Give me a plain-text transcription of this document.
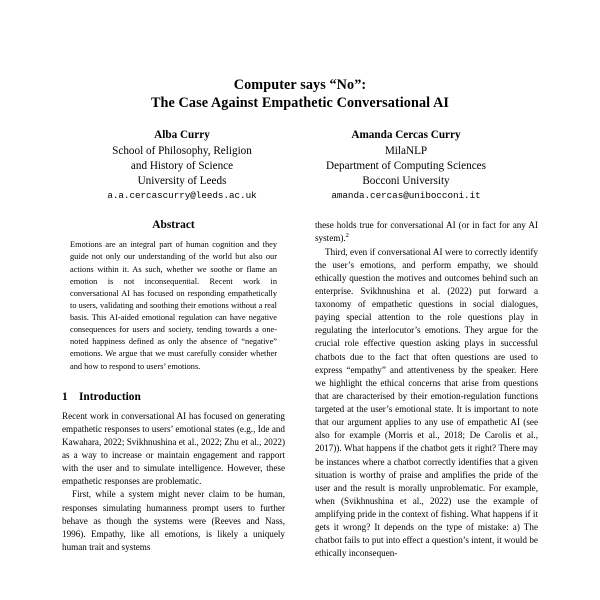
Computer says “No”:
The Case Against Empathetic Conversational AI
Alba Curry
School of Philosophy, Religion
and History of Science
University of Leeds
a.a.cercascurry@leeds.ac.uk
Amanda Cercas Curry
MilaNLP
Department of Computing Sciences
Bocconi University
amanda.cercas@unibocconi.it
Abstract

Emotions are an integral part of human cognition and they guide not only our understanding of the world but also our actions within it. As such, whether we soothe or flame an emotion is not inconsequential. Recent work in conversational AI has focused on responding empathetically to users, validating and soothing their emotions without a real basis. This AI-aided emotional regulation can have negative consequences for users and society, tending towards a one-noted happiness defined as only the absence of “negative” emotions. We argue that we must carefully consider whether and how to respond to users’ emotions.

1 Introduction

Recent work in conversational AI has focused on generating empathetic responses to users’ emotional states (e.g., Ide and Kawahara, 2022; Svikhnushina et al., 2022; Zhu et al., 2022) as a way to increase or maintain engagement and rapport with the user and to simulate intelligence. However, these empathetic responses are problematic.

First, while a system might never claim to be human, responses simulating humanness prompt users to further behave as though the systems were (Reeves and Nass, 1996). Empathy, like all emotions, is likely a uniquely human trait and systems

these holds true for conversational AI (or in fact for any AI system).$^2$

Third, even if conversational AI were to correctly identify the user’s emotions, and perform empathy, we should ethically question the motives and outcomes behind such an enterprise. Svikhnushina et al. (2022) put forward a taxonomy of empathetic questions in social dialogues, paying special attention to the role questions play in regulating the interlocutor’s emotions. They argue for the crucial role effective question asking plays in successful chatbots due to the fact that often questions are used to express “empathy” and attentiveness by the speaker. Here we highlight the ethical concerns that arise from questions that are characterised by their emotion-regulation functions targeted at the user’s emotional state. It is important to note that our argument applies to any use of empathetic AI (see also for example (Morris et al., 2018; De Carolis et al., 2017)). What happens if the chatbot gets it right? There may be instances where a chatbot correctly identifies that a given situation is worthy of praise and amplifies the pride of the user and the result is morally unproblematic. For example, when (Svikhnushina et al., 2022) use the example of amplifying pride in the context of fishing. What happens if it gets it wrong? It depends on the type of mistake: a) The chatbot fails to put into effect a question’s intent, it would be ethically inconsequen-
